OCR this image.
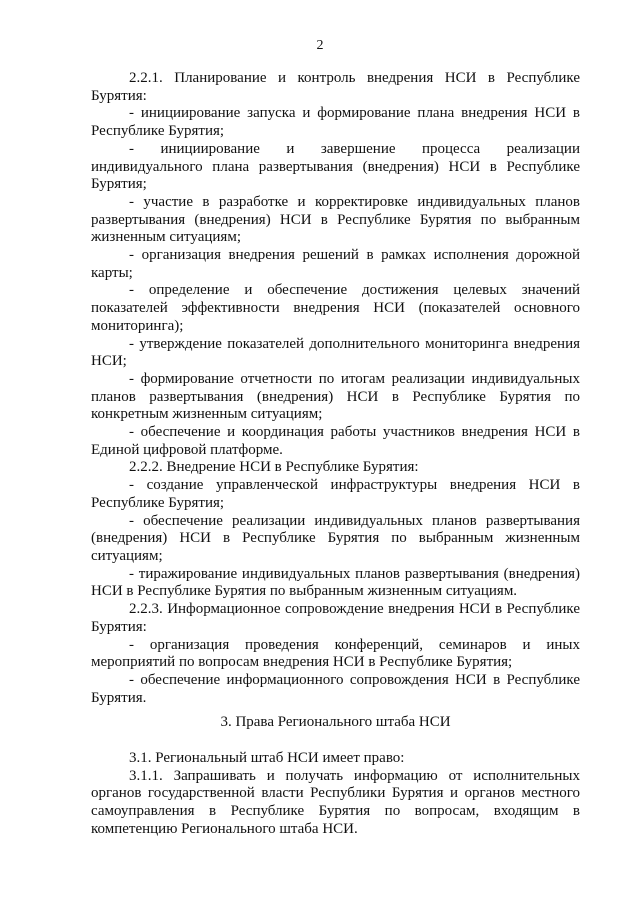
2

2.2.1. Планирование и контроль внедрения НСИ в Республике Бурятия:

- инициирование запуска и формирование плана внедрения НСИ в Республике Бурятия;

- инициирование и завершение процесса реализации индивидуального плана развертывания (внедрения) НСИ в Республике Бурятия;

- участие в разработке и корректировке индивидуальных планов развертывания (внедрения) НСИ в Республике Бурятия по выбранным жизненным ситуациям;

- организация внедрения решений в рамках исполнения дорожной карты;

- определение и обеспечение достижения целевых значений показателей эффективности внедрения НСИ (показателей основного мониторинга);

- утверждение показателей дополнительного мониторинга внедрения НСИ;

- формирование отчетности по итогам реализации индивидуальных планов развертывания (внедрения) НСИ в Республике Бурятия по конкретным жизненным ситуациям;

- обеспечение и координация работы участников внедрения НСИ в Единой цифровой платформе.

2.2.2. Внедрение НСИ в Республике Бурятия:

- создание управленческой инфраструктуры внедрения НСИ в Республике Бурятия;

- обеспечение реализации индивидуальных планов развертывания (внедрения) НСИ в Республике Бурятия по выбранным жизненным ситуациям;

- тиражирование индивидуальных планов развертывания (внедрения) НСИ в Республике Бурятия по выбранным жизненным ситуациям.

2.2.3. Информационное сопровождение внедрения НСИ в Республике Бурятия:

- организация проведения конференций, семинаров и иных мероприятий по вопросам внедрения НСИ в Республике Бурятия;

- обеспечение информационного сопровождения НСИ в Республике Бурятия.

3. Права Регионального штаба НСИ

3.1. Региональный штаб НСИ имеет право:

3.1.1. Запрашивать и получать информацию от исполнительных органов государственной власти Республики Бурятия и органов местного самоуправления в Республике Бурятия по вопросам, входящим в компетенцию Регионального штаба НСИ.
